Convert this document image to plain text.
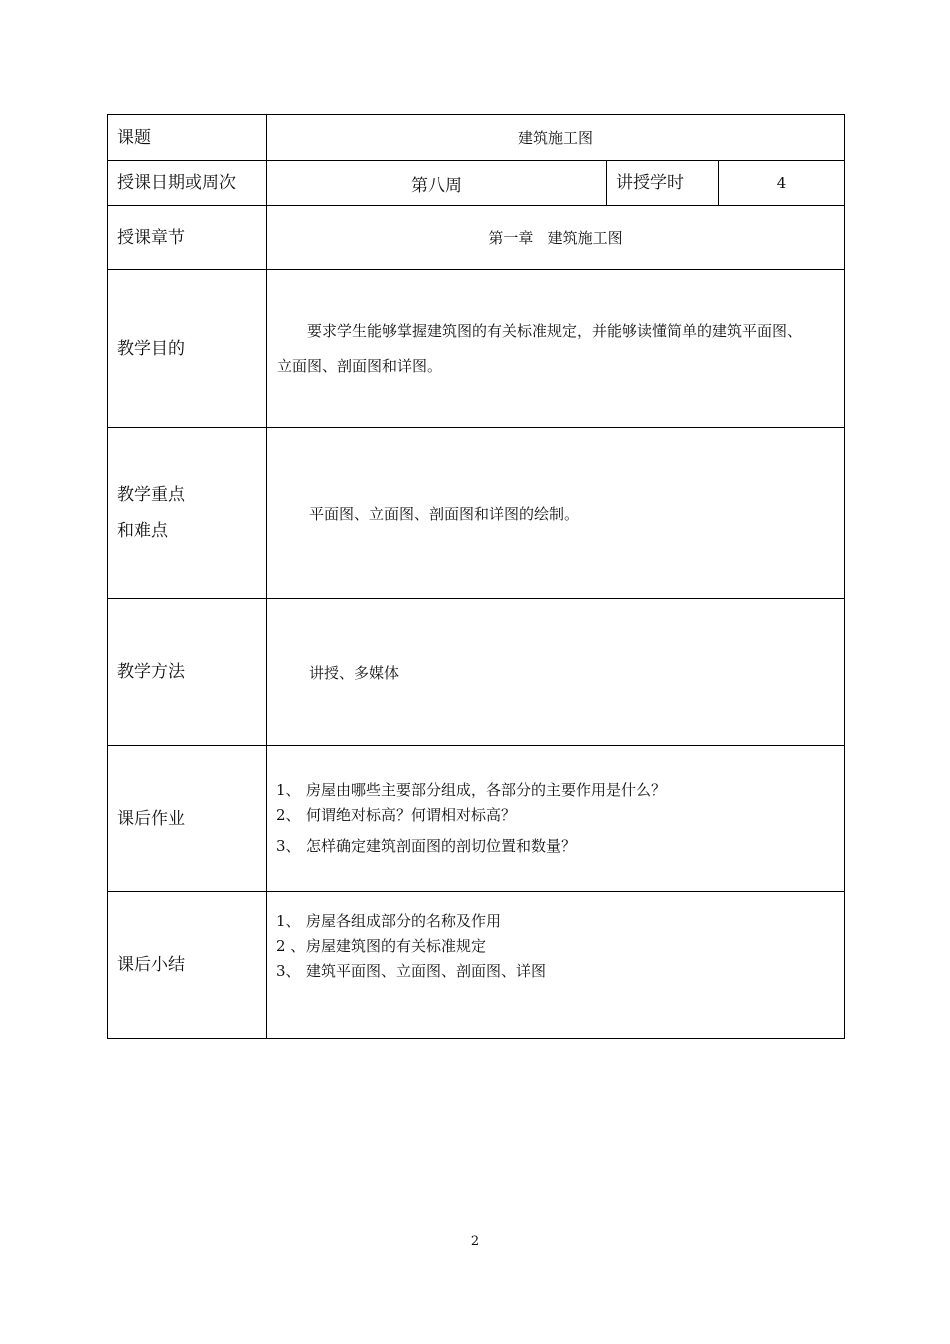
课题	建筑施工图		
授课日期或周次	第八周	讲授学时	4
授课章节	第一章   建筑施工图		
教学目的	要求学生能够掌握建筑图的有关标准规定，并能够读懂简单的建筑平面图、立面图、剖面图和详图。		

教学重点
和难点	平面图、立面图、剖面图和详图的绘制。		
教学方法	讲授、多媒体		
课后作业	1、 房屋由哪些主要部分组成，各部分的主要作用是什么？
2、 何谓绝对标高？何谓相对标高？
3、 怎样确定建筑剖面图的剖切位置和数量？		

课后小结	1、 房屋各组成部分的名称及作用
2 、房屋建筑图的有关标准规定
3、 建筑平面图、立面图、剖面图、详图		
2
